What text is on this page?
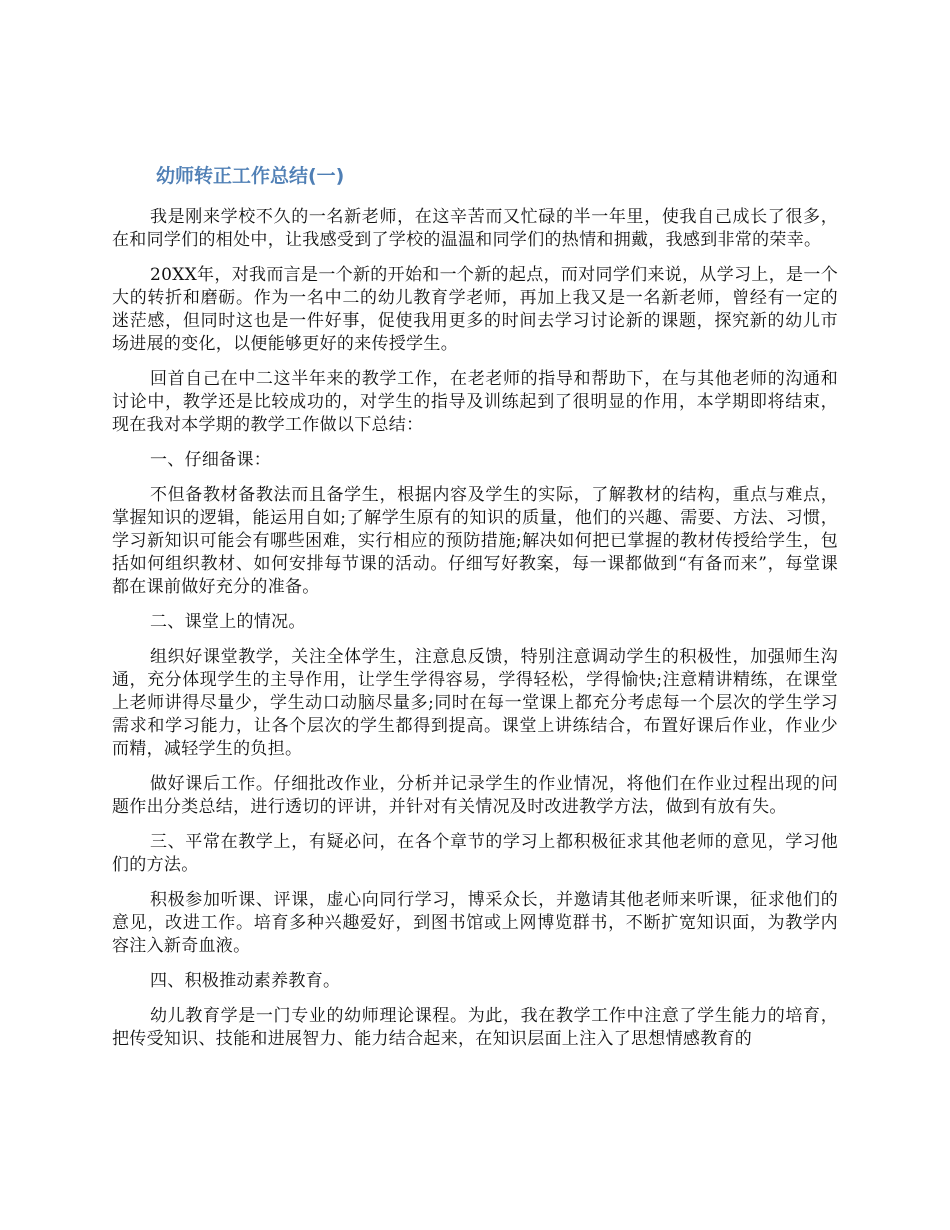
幼师转正工作总结(一)

我是刚来学校不久的一名新老师，在这辛苦而又忙碌的半一年里，使我自己成长了很多，在和同学们的相处中，让我感受到了学校的温温和同学们的热情和拥戴，我感到非常的荣幸。

20XX年，对我而言是一个新的开始和一个新的起点，而对同学们来说，从学习上，是一个大的转折和磨砺。作为一名中二的幼儿教育学老师，再加上我又是一名新老师，曾经有一定的迷茫感，但同时这也是一件好事，促使我用更多的时间去学习讨论新的课题，探究新的幼儿市场进展的变化，以便能够更好的来传授学生。

回首自己在中二这半年来的教学工作，在老老师的指导和帮助下，在与其他老师的沟通和讨论中，教学还是比较成功的，对学生的指导及训练起到了很明显的作用，本学期即将结束，现在我对本学期的教学工作做以下总结：

一、仔细备课：

不但备教材备教法而且备学生，根据内容及学生的实际，了解教材的结构，重点与难点，掌握知识的逻辑，能运用自如;了解学生原有的知识的质量，他们的兴趣、需要、方法、习惯，学习新知识可能会有哪些困难，实行相应的预防措施;解决如何把已掌握的教材传授给学生，包括如何组织教材、如何安排每节课的活动。仔细写好教案，每一课都做到“有备而来”，每堂课都在课前做好充分的准备。

二、课堂上的情况。

组织好课堂教学，关注全体学生，注意息反馈，特别注意调动学生的积极性，加强师生沟通，充分体现学生的主导作用，让学生学得容易，学得轻松，学得愉快;注意精讲精练，在课堂上老师讲得尽量少，学生动口动脑尽量多;同时在每一堂课上都充分考虑每一个层次的学生学习需求和学习能力，让各个层次的学生都得到提高。课堂上讲练结合，布置好课后作业，作业少而精，减轻学生的负担。

做好课后工作。仔细批改作业，分析并记录学生的作业情况，将他们在作业过程出现的问题作出分类总结，进行透切的评讲，并针对有关情况及时改进教学方法，做到有放有失。

三、平常在教学上，有疑必问，在各个章节的学习上都积极征求其他老师的意见，学习他们的方法。

积极参加听课、评课，虚心向同行学习，博采众长，并邀请其他老师来听课，征求他们的意见，改进工作。培育多种兴趣爱好，到图书馆或上网博览群书，不断扩宽知识面，为教学内容注入新奇血液。

四、积极推动素养教育。

幼儿教育学是一门专业的幼师理论课程。为此，我在教学工作中注意了学生能力的培育，把传受知识、技能和进展智力、能力结合起来，在知识层面上注入了思想情感教育的
